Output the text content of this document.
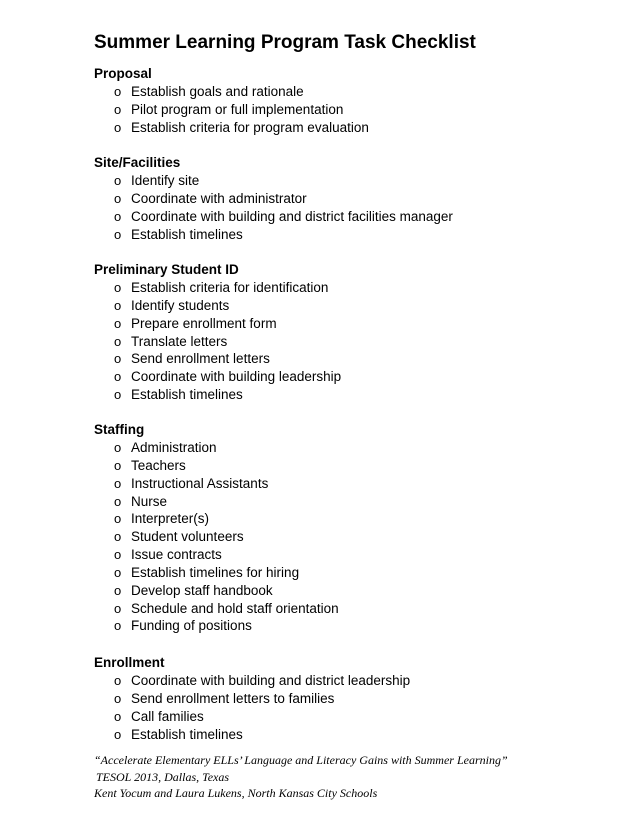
Summer Learning Program Task Checklist
Proposal
o Establish goals and rationale
o Pilot program or full implementation
o Establish criteria for program evaluation
Site/Facilities
o Identify site
o Coordinate with administrator
o Coordinate with building and district facilities manager
o Establish timelines
Preliminary Student ID
o Establish criteria for identification
o Identify students
o Prepare enrollment form
o Translate letters
o Send enrollment letters
o Coordinate with building leadership
o Establish timelines
Staffing
o Administration
o Teachers
o Instructional Assistants
o Nurse
o Interpreter(s)
o Student volunteers
o Issue contracts
o Establish timelines for hiring
o Develop staff handbook
o Schedule and hold staff orientation
o Funding of positions
Enrollment
o Coordinate with building and district leadership
o Send enrollment letters to families
o Call families
o Establish timelines
“Accelerate Elementary ELLs’ Language and Literacy Gains with Summer Learning”
TESOL 2013, Dallas, Texas
Kent Yocum and Laura Lukens, North Kansas City Schools
